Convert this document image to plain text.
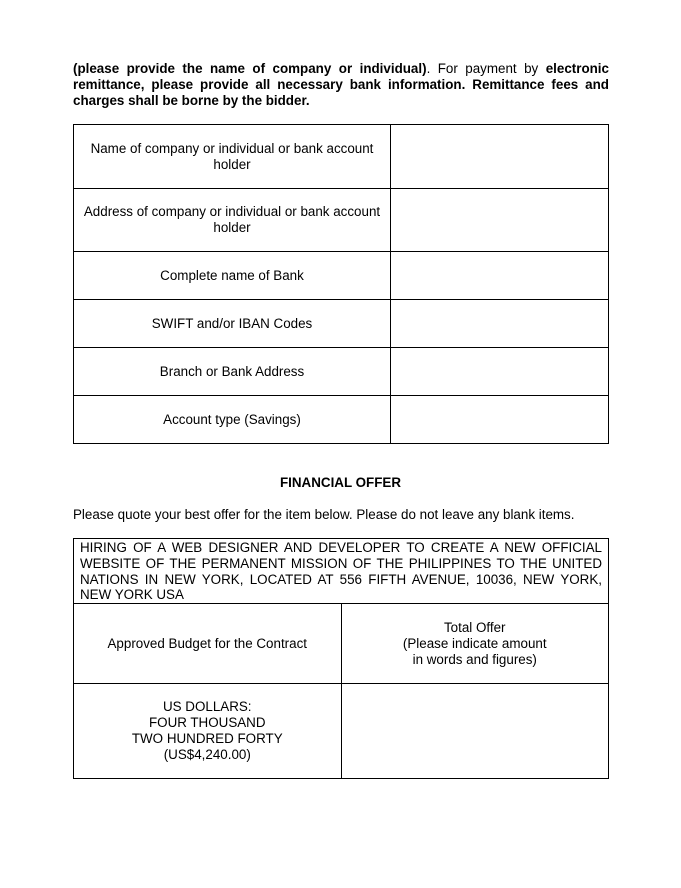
(please provide the name of company or individual). For payment by electronic remittance, please provide all necessary bank information. Remittance fees and charges shall be borne by the bidder.
Name of company or individual or bank account holder	
Address of company or individual or bank account holder	
Complete name of Bank	
SWIFT and/or IBAN Codes	
Branch or Bank Address	
Account type (Savings)	
FINANCIAL OFFER
Please quote your best offer for the item below. Please do not leave any blank items.
HIRING OF A WEB DESIGNER AND DEVELOPER TO CREATE A NEW OFFICIAL WEBSITE OF THE PERMANENT MISSION OF THE PHILIPPINES TO THE UNITED NATIONS IN NEW YORK, LOCATED AT 556 FIFTH AVENUE, 10036, NEW YORK, NEW YORK USA	
Approved Budget for the Contract	Total Offer
(Please indicate amount
in words and figures)

US DOLLARS:
FOUR THOUSAND
TWO HUNDRED FORTY
(US$4,240.00)	
